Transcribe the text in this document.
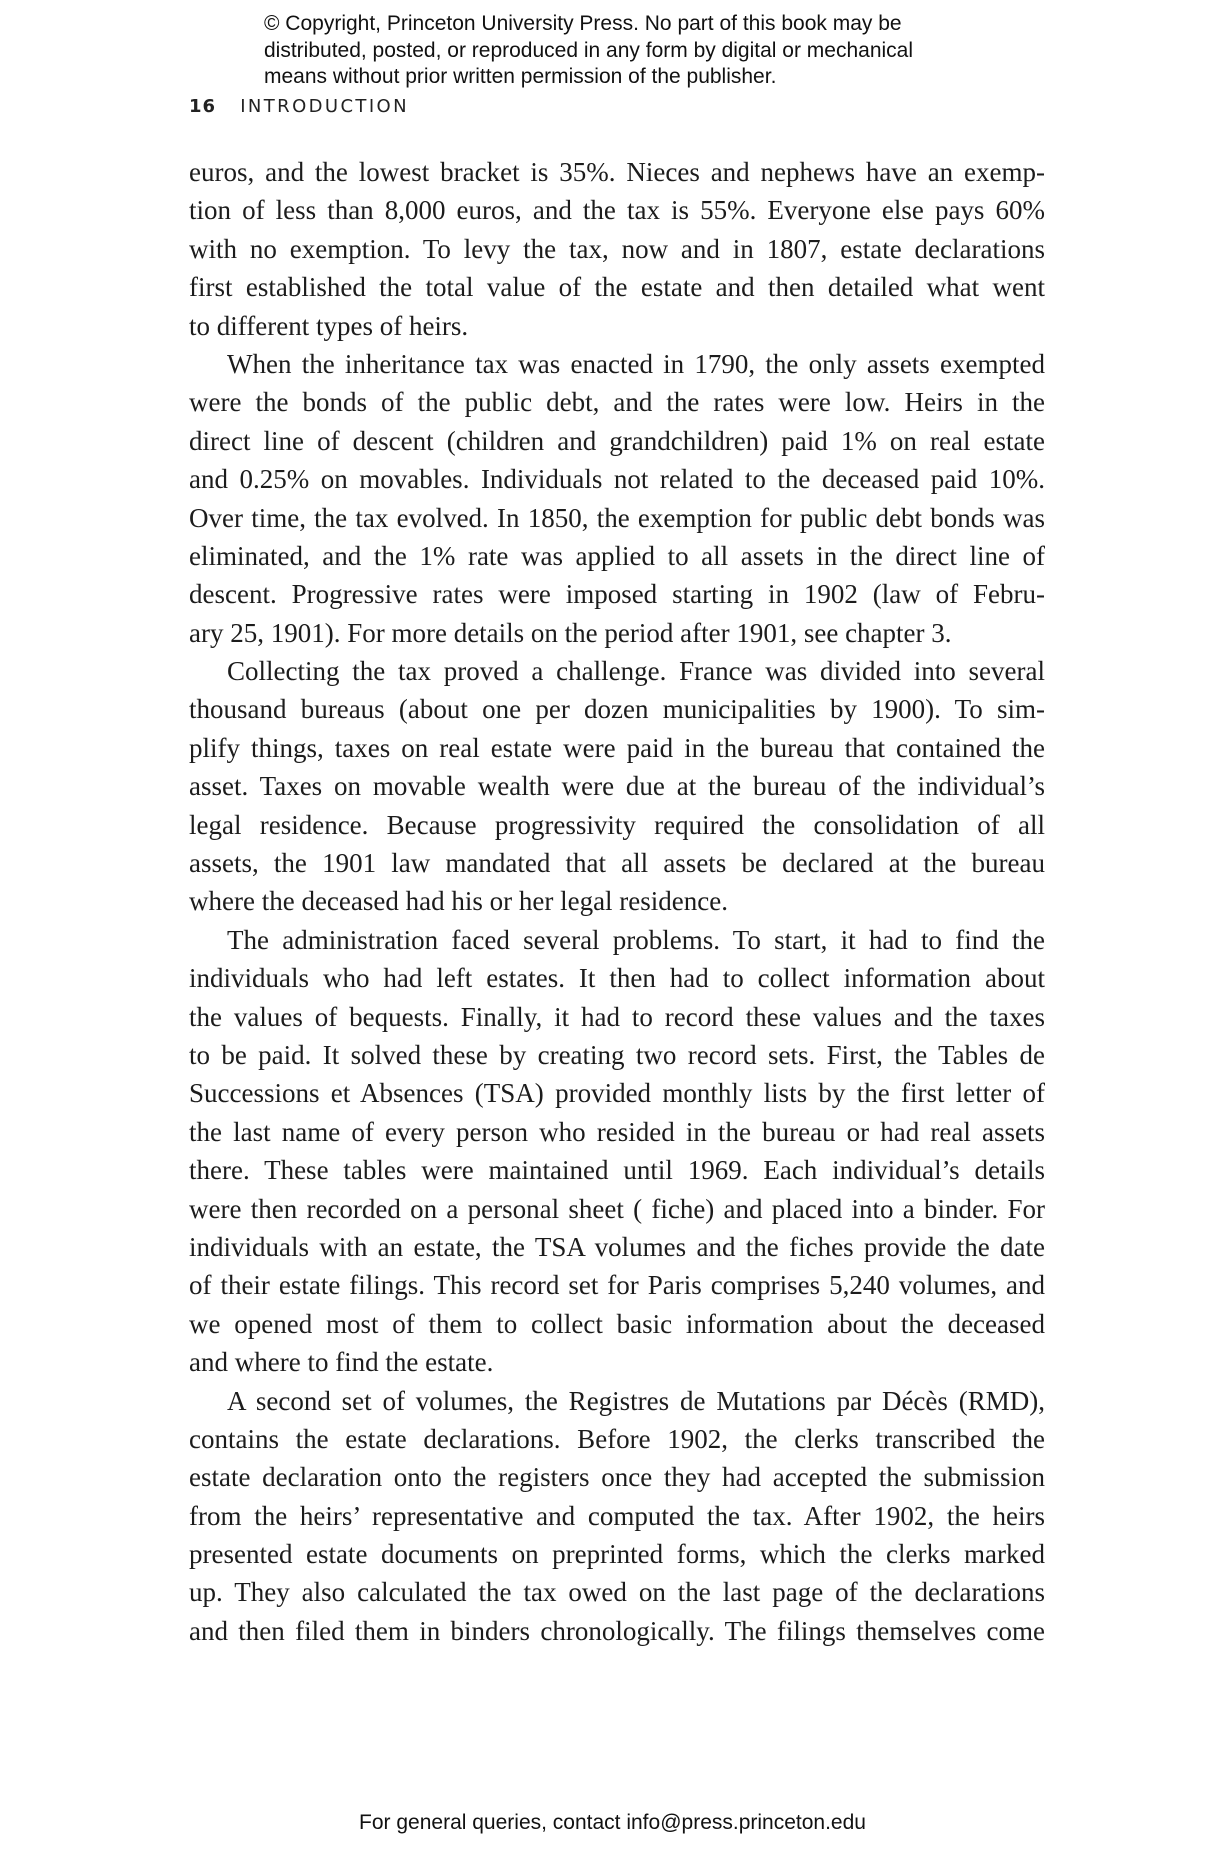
© Copyright, Princeton University Press. No part of this book may be
distributed, posted, or reproduced in any form by digital or mechanical
means without prior written permission of the publisher.
16 INTRODUCTION
euros, and the lowest bracket is 35%. Nieces and nephews have an exemp-
tion of less than 8,000 euros, and the tax is 55%. Everyone else pays 60%
with no exemption. To levy the tax, now and in 1807, estate declarations
first established the total value of the estate and then detailed what went
to different types of heirs.
When the inheritance tax was enacted in 1790, the only assets exempted
were the bonds of the public debt, and the rates were low. Heirs in the
direct line of descent (children and grandchildren) paid 1% on real estate
and 0.25% on movables. Individuals not related to the deceased paid 10%.
Over time, the tax evolved. In 1850, the exemption for public debt bonds was
eliminated, and the 1% rate was applied to all assets in the direct line of
descent. Progressive rates were imposed starting in 1902 (law of Febru-
ary 25, 1901). For more details on the period after 1901, see chapter 3.
Collecting the tax proved a challenge. France was divided into several
thousand bureaus (about one per dozen municipalities by 1900). To sim-
plify things, taxes on real estate were paid in the bureau that contained the
asset. Taxes on movable wealth were due at the bureau of the individual’s
legal residence. Because progressivity required the consolidation of all
assets, the 1901 law mandated that all assets be declared at the bureau
where the deceased had his or her legal residence.
The administration faced several problems. To start, it had to find the
individuals who had left estates. It then had to collect information about
the values of bequests. Finally, it had to record these values and the taxes
to be paid. It solved these by creating two record sets. First, the Tables de
Successions et Absences (TSA) provided monthly lists by the first letter of
the last name of every person who resided in the bureau or had real assets
there. These tables were maintained until 1969. Each individual’s details
were then recorded on a personal sheet ( fiche) and placed into a binder. For
individuals with an estate, the TSA volumes and the fiches provide the date
of their estate filings. This record set for Paris comprises 5,240 volumes, and
we opened most of them to collect basic information about the deceased
and where to find the estate.
A second set of volumes, the Registres de Mutations par Décès (RMD),
contains the estate declarations. Before 1902, the clerks transcribed the
estate declaration onto the registers once they had accepted the submission
from the heirs’ representative and computed the tax. After 1902, the heirs
presented estate documents on preprinted forms, which the clerks marked
up. They also calculated the tax owed on the last page of the declarations
and then filed them in binders chronologically. The filings themselves come
For general queries, contact info@press.princeton.edu
